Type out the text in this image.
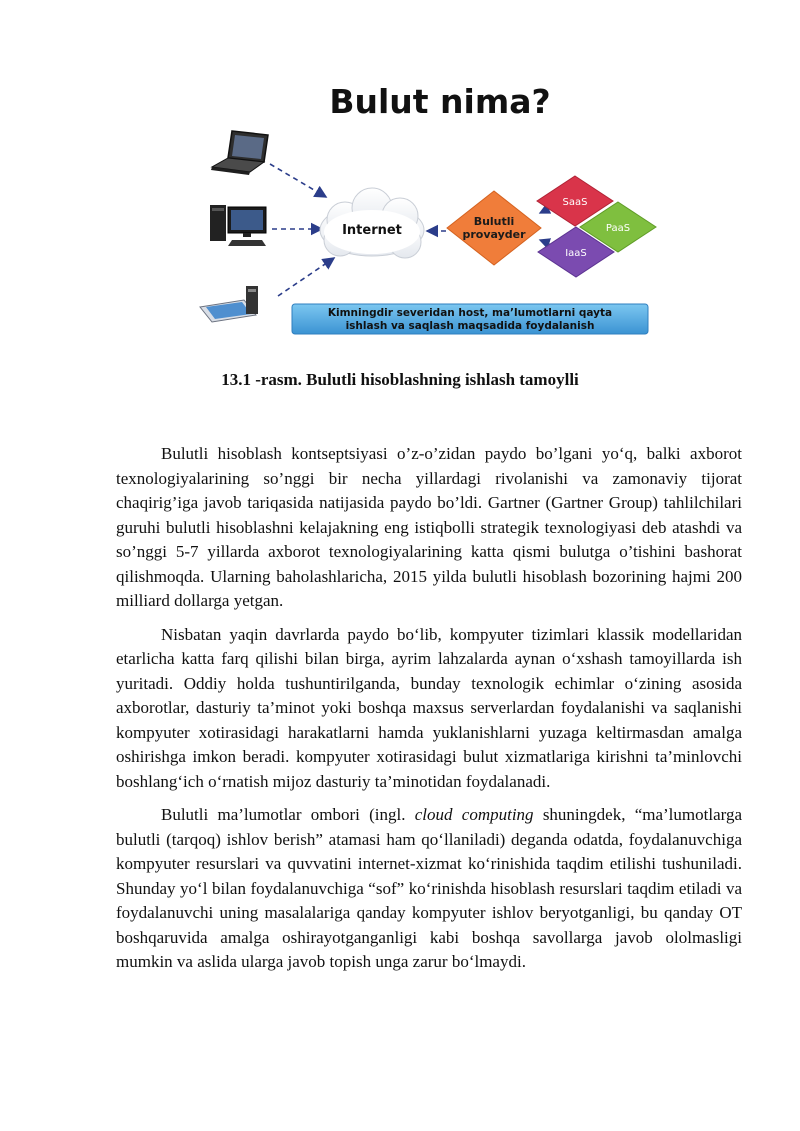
Bulut nima?
Internet
Bulutli
provayder
SaaS
PaaS
IaaS
Kimningdir severidan host, ma’lumotlarni qayta
ishlash va saqlash maqsadida foydalanish
13.1 -rasm. Bulutli hisoblashning ishlash tamoylli

Bulutli hisoblash kontseptsiyasi o’z-o’zidan paydo bo’lgani yo‘q, balki axborot texnologiyalarining so’nggi bir necha yillardagi rivolanishi va zamonaviy tijorat chaqirig’iga javob tariqasida natijasida paydo bo’ldi. Gartner (Gartner Group) tahlilchilari guruhi bulutli hisoblashni kelajakning eng istiqbolli strategik texnologiyasi deb atashdi va so’nggi 5-7 yillarda axborot texnologiyalarining katta qismi bulutga o’tishini bashorat qilishmoqda. Ularning baholashlaricha, 2015 yilda bulutli hisoblash bozorining hajmi 200 milliard dollarga yetgan.

Nisbatan yaqin davrlarda paydo bo‘lib, kompyuter tizimlari klassik modellaridan etarlicha katta farq qilishi bilan birga, ayrim lahzalarda aynan o‘xshash tamoyillarda ish yuritadi. Oddiy holda tushuntirilganda, bunday texnologik echimlar o‘zining asosida axborotlar, dasturiy ta’minot yoki boshqa maxsus serverlardan foydalanishi va saqlanishi kompyuter xotirasidagi harakatlarni hamda yuklanishlarni yuzaga keltirmasdan amalga oshirishga imkon beradi. kompyuter xotirasidagi bulut xizmatlariga kirishni ta’minlovchi boshlang‘ich o‘rnatish mijoz dasturiy ta’minotidan foydalanadi.

Bulutli ma’lumotlar ombori (ingl. cloud computing shuningdek, “ma’lumotlarga bulutli (tarqoq) ishlov berish” atamasi ham qo‘llaniladi) deganda odatda, foydalanuvchiga kompyuter resurslari va quvvatini internet-xizmat ko‘rinishida taqdim etilishi tushuniladi. Shunday yo‘l bilan foydalanuvchiga “sof” ko‘rinishda hisoblash resurslari taqdim etiladi va foydalanuvchi uning masalalariga qanday kompyuter ishlov beryotganligi, bu qanday OT boshqaruvida amalga oshirayotganganligi kabi boshqa savollarga javob ololmasligi mumkin va aslida ularga javob topish unga zarur bo‘lmaydi.
